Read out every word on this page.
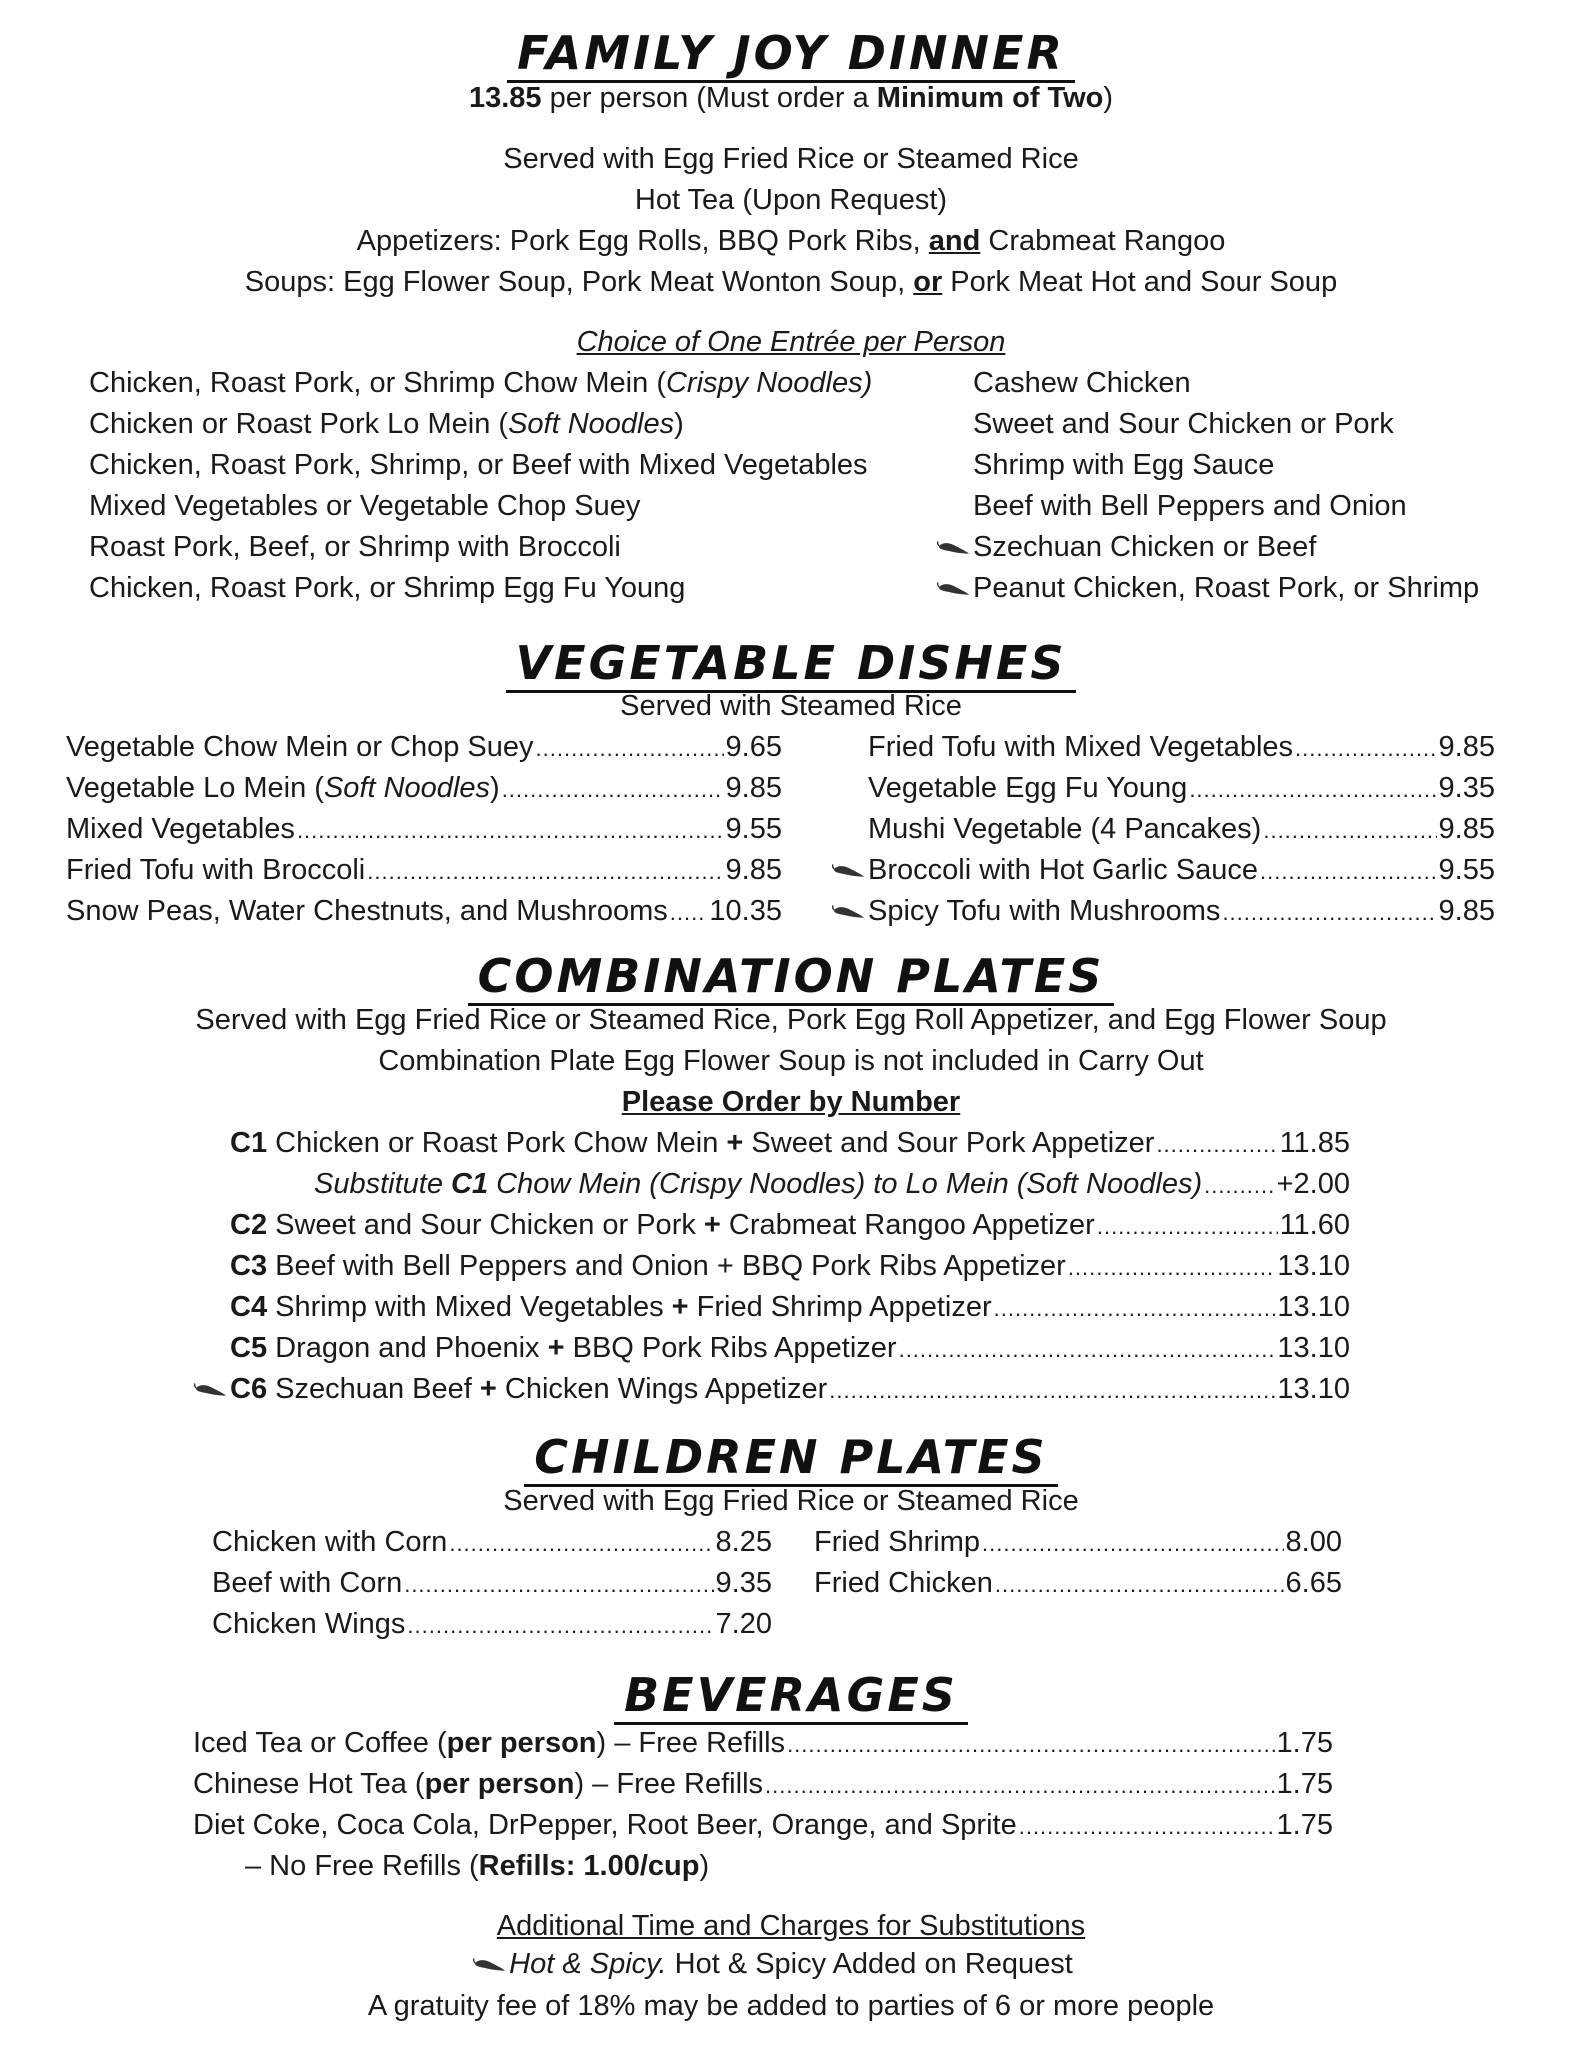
FAMILY JOY DINNER
13.85 per person (Must order a Minimum of Two)
Served with Egg Fried Rice or Steamed Rice
Hot Tea (Upon Request)
Appetizers: Pork Egg Rolls, BBQ Pork Ribs, and Crabmeat Rangoo
Soups: Egg Flower Soup, Pork Meat Wonton Soup, or Pork Meat Hot and Sour Soup
Choice of One Entrée per Person
Chicken, Roast Pork, or Shrimp Chow Mein (Crispy Noodles)
Chicken or Roast Pork Lo Mein (Soft Noodles)
Chicken, Roast Pork, Shrimp, or Beef with Mixed Vegetables
Mixed Vegetables or Vegetable Chop Suey
Roast Pork, Beef, or Shrimp with Broccoli
Chicken, Roast Pork, or Shrimp Egg Fu Young
Cashew Chicken
Sweet and Sour Chicken or Pork
Shrimp with Egg Sauce
Beef with Bell Peppers and Onion
Szechuan Chicken or Beef
Peanut Chicken, Roast Pork, or Shrimp
VEGETABLE DISHES
Served with Steamed Rice
Vegetable Chow Mein or Chop Suey .....	9.65
Vegetable Lo Mein (Soft Noodles) .....	9.85
Mixed Vegetables .....	9.55
Fried Tofu with Broccoli .....	9.85
Snow Peas, Water Chestnuts, and Mushrooms ..... 10.35
Fried Tofu with Mixed Vegetables .....	9.85
Vegetable Egg Fu Young .....	9.35
Mushi Vegetable (4 Pancakes) .....	9.85
Broccoli with Hot Garlic Sauce .....	9.55
Spicy Tofu with Mushrooms .....	9.85
COMBINATION PLATES
Served with Egg Fried Rice or Steamed Rice, Pork Egg Roll Appetizer, and Egg Flower Soup
Combination Plate Egg Flower Soup is not included in Carry Out
Please Order by Number
C1 Chicken or Roast Pork Chow Mein + Sweet and Sour Pork Appetizer .....	11.85
Substitute C1 Chow Mein (Crispy Noodles) to Lo Mein (Soft Noodles) .....	+2.00
C2 Sweet and Sour Chicken or Pork + Crabmeat Rangoo Appetizer .....	11.60
C3 Beef with Bell Peppers and Onion + BBQ Pork Ribs Appetizer .....	13.10
C4 Shrimp with Mixed Vegetables + Fried Shrimp Appetizer .....	13.10
C5 Dragon and Phoenix + BBQ Pork Ribs Appetizer .....	13.10
C6 Szechuan Beef + Chicken Wings Appetizer .....	13.10
CHILDREN PLATES
Served with Egg Fried Rice or Steamed Rice
Chicken with Corn .....	8.25
Beef with Corn .....	9.35
Chicken Wings .....	7.20
Fried Shrimp .....	8.00
Fried Chicken .....	6.65
BEVERAGES
Iced Tea or Coffee (per person) – Free Refills .....	1.75
Chinese Hot Tea (per person) – Free Refills .....	1.75
Diet Coke, Coca Cola, DrPepper, Root Beer, Orange, and Sprite .....	1.75
– No Free Refills (Refills: 1.00/cup)
Additional Time and Charges for Substitutions
Hot & Spicy. Hot & Spicy Added on Request
A gratuity fee of 18% may be added to parties of 6 or more people
